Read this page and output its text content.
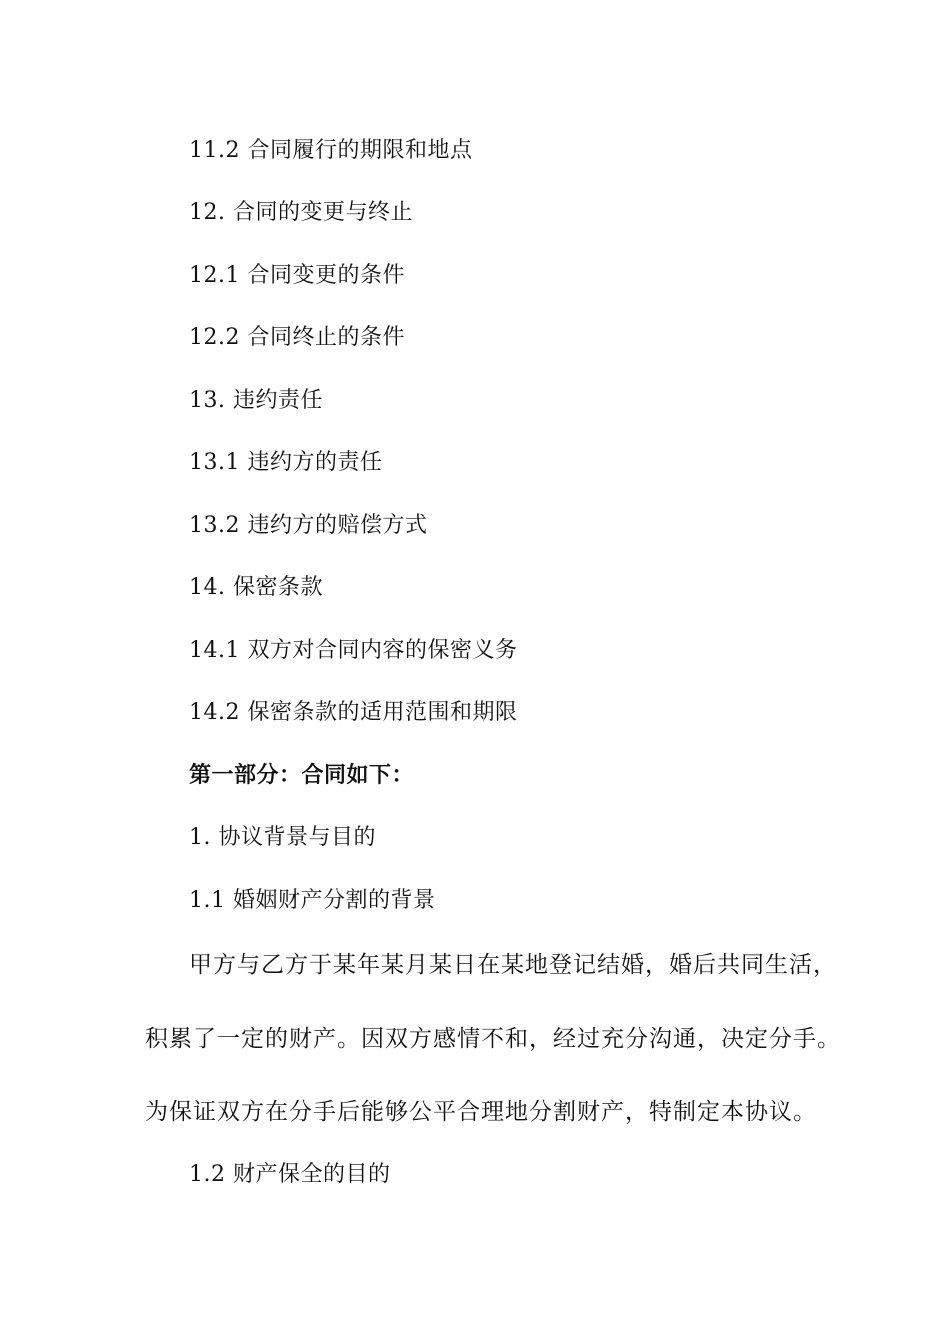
11.2 合同履行的期限和地点
12. 合同的变更与终止
12.1 合同变更的条件
12.2 合同终止的条件
13. 违约责任
13.1 违约方的责任
13.2 违约方的赔偿方式
14. 保密条款
14.1 双方对合同内容的保密义务
14.2 保密条款的适用范围和期限
第一部分：合同如下：
1. 协议背景与目的
1.1 婚姻财产分割的背景
甲方与乙方于某年某月某日在某地登记结婚，婚后共同生活，
积累了一定的财产。因双方感情不和，经过充分沟通，决定分手。
为保证双方在分手后能够公平合理地分割财产，特制定本协议。
1.2 财产保全的目的
